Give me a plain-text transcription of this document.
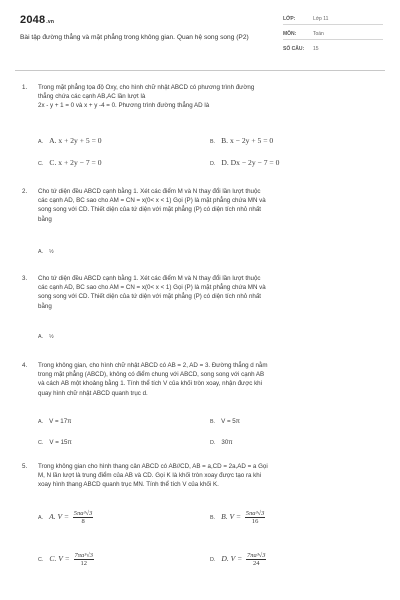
2048.vn
Bài tập đường thẳng và mặt phẳng trong không gian. Quan hệ song song (P2)
LỚP:	Lớp 11
MÔN:	Toán
SỐ CÂU: 15
1. Trong mặt phẳng tọa độ Oxy, cho hình chữ nhật ABCD có phương trình đường

thẳng chứa các cạnh AB,AC lần lượt là

2x - y + 1 = 0 và x + y -4 = 0. Phương trình đường thẳng AD là

A. A. x + 2y + 5 = 0	B. B. x − 2y + 5 = 0
C. C. x + 2y − 7 = 0	D. D. Dx − 2y − 7 = 0
2. Cho tứ diện đều ABCD cạnh bằng 1. Xét các điểm M và N thay đổi lần lượt thuộc

các cạnh AD, BC sao cho AM = CN = x(0< x < 1) Gọi (P) là mặt phẳng chứa MN và

song song với CD. Thiết diện của tứ diện với mặt phẳng (P) có diện tích nhỏ nhất

bằng

A. ½
3. Cho tứ diện đều ABCD cạnh bằng 1. Xét các điểm M và N thay đổi lần lượt thuộc

các cạnh AD, BC sao cho AM = CN = x(0< x < 1) Gọi (P) là mặt phẳng chứa MN và

song song với CD. Thiết diện của tứ diện với mặt phẳng (P) có diện tích nhỏ nhất

bằng

A. ½
4. Trong không gian, cho hình chữ nhật ABCD có AB = 2, AD = 3. Đường thẳng d nằm

trong mặt phẳng (ABCD), không có điểm chung với ABCD, song song với cạnh AB

và cách AB một khoảng bằng 1. Tính thể tích V của khối tròn xoay, nhận được khi

quay hình chữ nhật ABCD quanh trục d.

A. V = 17π	B. V = 5π
C. V = 15π	D. 30π
5. Trong không gian cho hình thang cân ABCD có AB//CD, AB = a,CD = 2a,AD = a Gọi

M, N lần lượt là trung điểm của AB và CD. Gọi K là khối tròn xoay được tạo ra khi

xoay hình thang ABCD quanh trục MN. Tính thể tích V của khối K.

A. A. $V = \frac{\text{5πa³√3}}{8}$	B. B. $V = \frac{\text{5πa³√3}}{16}$
C. C. $V = \frac{\text{7πa³√3}}{12}$	D. D. $V = \frac{\text{7πa³√3}}{24}$
